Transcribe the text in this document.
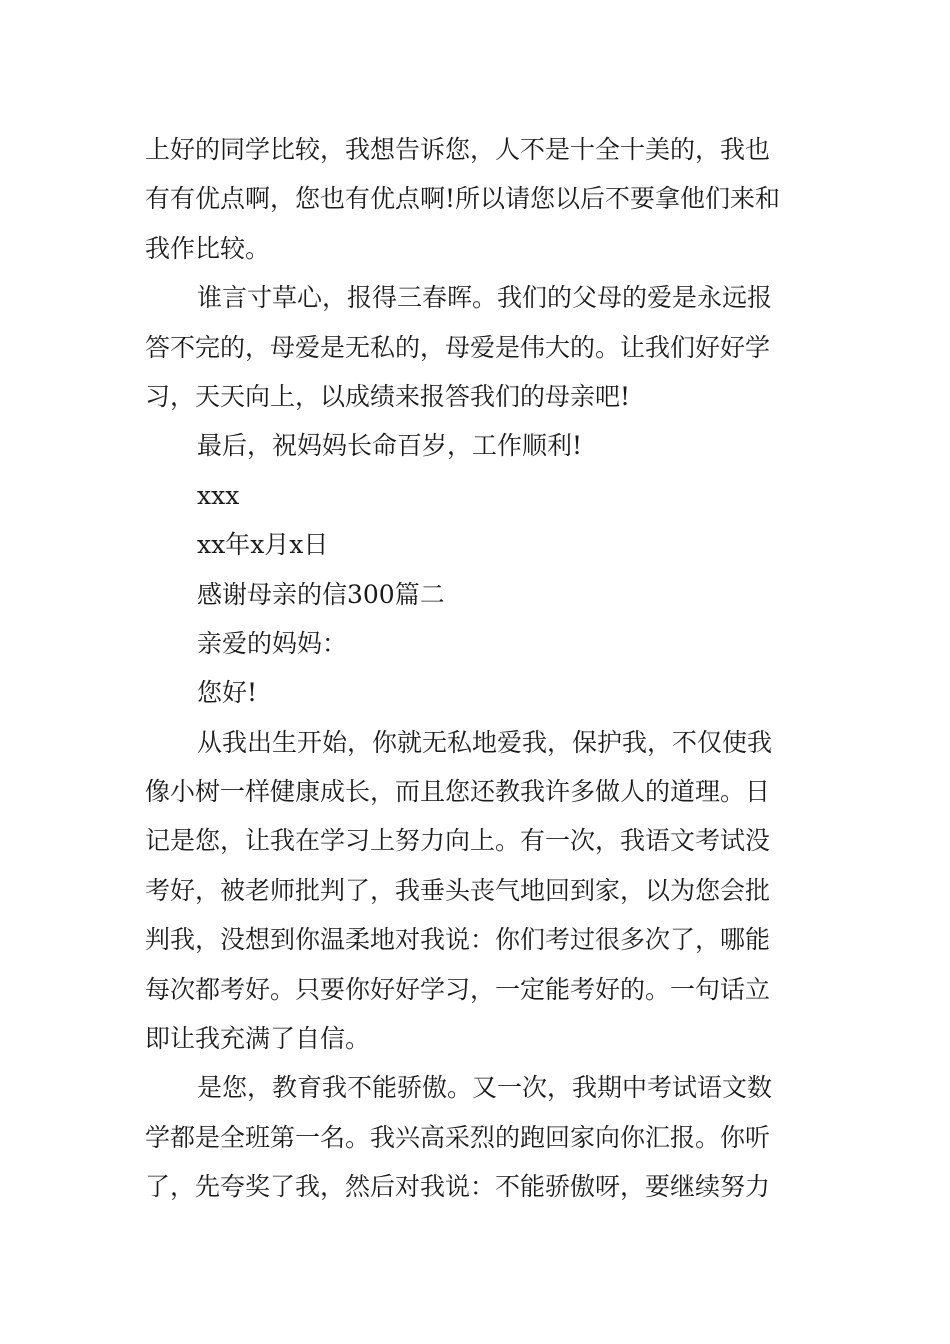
上好的同学比较，我想告诉您，人不是十全十美的，我也
有有优点啊，您也有优点啊!所以请您以后不要拿他们来和
我作比较。
谁言寸草心，报得三春晖。我们的父母的爱是永远报
答不完的，母爱是无私的，母爱是伟大的。让我们好好学
习，天天向上，以成绩来报答我们的母亲吧!
最后，祝妈妈长命百岁，工作顺利!
xxx
xx年x月x日
感谢母亲的信300篇二
亲爱的妈妈：
您好!
从我出生开始，你就无私地爱我，保护我，不仅使我
像小树一样健康成长，而且您还教我许多做人的道理。日
记是您，让我在学习上努力向上。有一次，我语文考试没
考好，被老师批判了，我垂头丧气地回到家，以为您会批
判我，没想到你温柔地对我说：你们考过很多次了，哪能
每次都考好。只要你好好学习，一定能考好的。一句话立
即让我充满了自信。
是您，教育我不能骄傲。又一次，我期中考试语文数
学都是全班第一名。我兴高采烈的跑回家向你汇报。你听
了，先夸奖了我，然后对我说：不能骄傲呀，要继续努力
